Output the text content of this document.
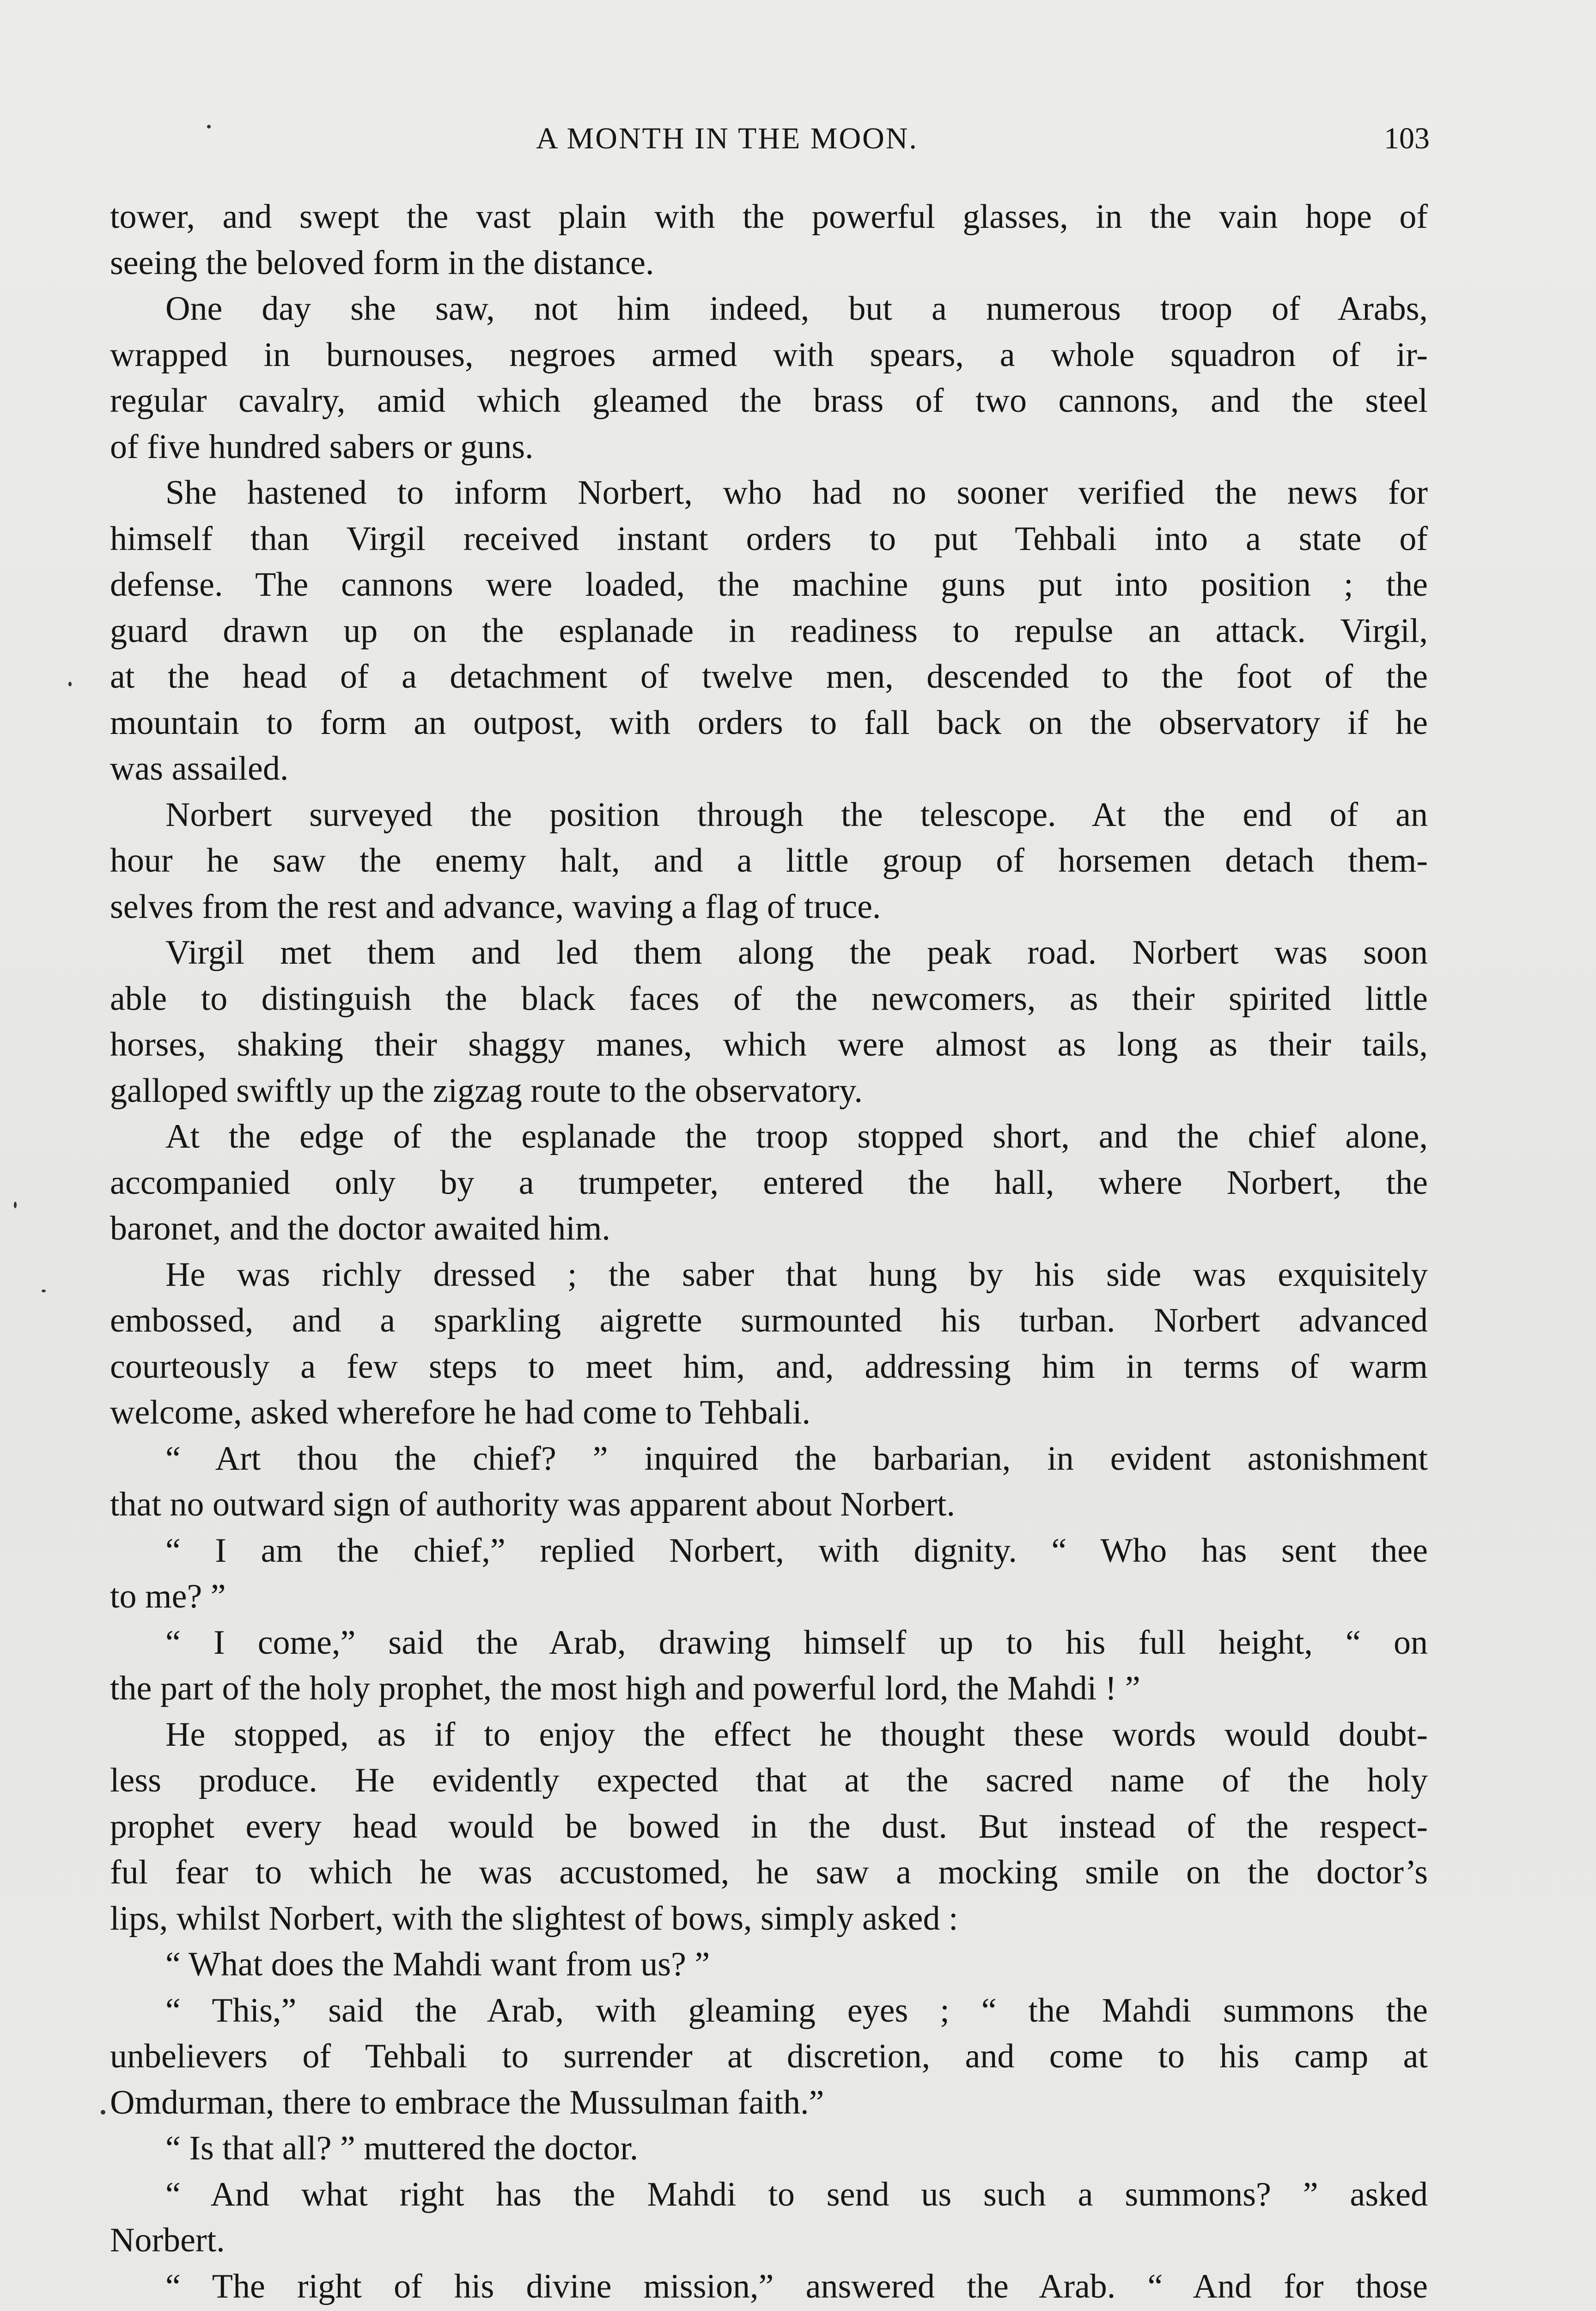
A MONTH IN THE MOON.	103
tower, and swept the vast plain with the powerful glasses, in the vain hope of
seeing the beloved form in the distance.
One day she saw, not him indeed, but a numerous troop of Arabs,
wrapped in burnouses, negroes armed with spears, a whole squadron of ir-
regular cavalry, amid which gleamed the brass of two cannons, and the steel
of five hundred sabers or guns.
She hastened to inform Norbert, who had no sooner verified the news for
himself than Virgil received instant orders to put Tehbali into a state of
defense. The cannons were loaded, the machine guns put into position ; the
guard drawn up on the esplanade in readiness to repulse an attack. Virgil,
at the head of a detachment of twelve men, descended to the foot of the
mountain to form an outpost, with orders to fall back on the observatory if he
was assailed.
Norbert surveyed the position through the telescope. At the end of an
hour he saw the enemy halt, and a little group of horsemen detach them-
selves from the rest and advance, waving a flag of truce.
Virgil met them and led them along the peak road. Norbert was soon
able to distinguish the black faces of the newcomers, as their spirited little
horses, shaking their shaggy manes, which were almost as long as their tails,
galloped swiftly up the zigzag route to the observatory.
At the edge of the esplanade the troop stopped short, and the chief alone,
accompanied only by a trumpeter, entered the hall, where Norbert, the
baronet, and the doctor awaited him.
He was richly dressed ; the saber that hung by his side was exquisitely
embossed, and a sparkling aigrette surmounted his turban. Norbert advanced
courteously a few steps to meet him, and, addressing him in terms of warm
welcome, asked wherefore he had come to Tehbali.
“ Art thou the chief? ” inquired the barbarian, in evident astonishment
that no outward sign of authority was apparent about Norbert.
“ I am the chief,” replied Norbert, with dignity. “ Who has sent thee
to me? ”
“ I come,” said the Arab, drawing himself up to his full height, “ on
the part of the holy prophet, the most high and powerful lord, the Mahdi ! ”
He stopped, as if to enjoy the effect he thought these words would doubt-
less produce. He evidently expected that at the sacred name of the holy
prophet every head would be bowed in the dust. But instead of the respect-
ful fear to which he was accustomed, he saw a mocking smile on the doctor’s
lips, whilst Norbert, with the slightest of bows, simply asked :
“ What does the Mahdi want from us? ”
“ This,” said the Arab, with gleaming eyes ; “ the Mahdi summons the
unbelievers of Tehbali to surrender at discretion, and come to his camp at
Omdurman, there to embrace the Mussulman faith.”
“ Is that all? ” muttered the doctor.
“ And what right has the Mahdi to send us such a summons? ” asked
Norbert.
“ The right of his divine mission,” answered the Arab. “ And for those
